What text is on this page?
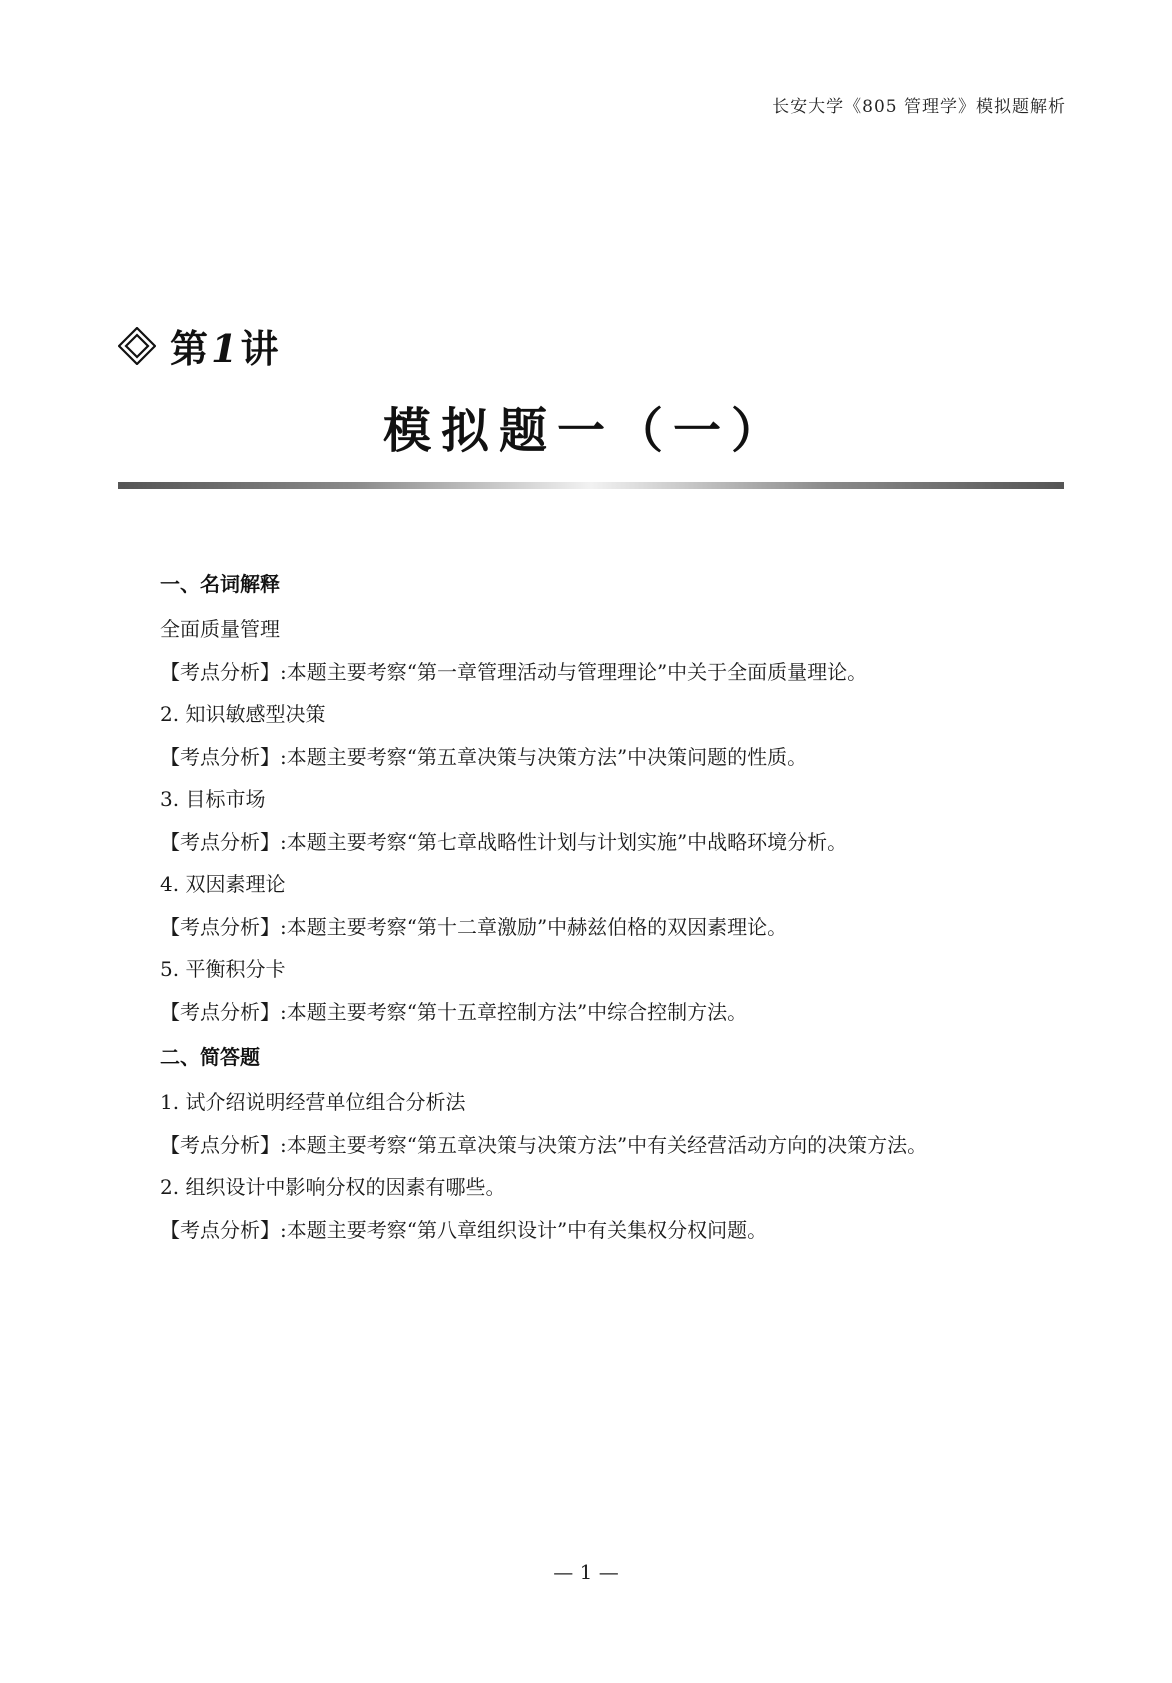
长安大学《805 管理学》模拟题解析
第1讲
模拟题一（一）
一、名词解释
全面质量管理
【考点分析】:本题主要考察“第一章管理活动与管理理论”中关于全面质量理论。
2. 知识敏感型决策
【考点分析】:本题主要考察“第五章决策与决策方法”中决策问题的性质。
3. 目标市场
【考点分析】:本题主要考察“第七章战略性计划与计划实施”中战略环境分析。
4. 双因素理论
【考点分析】:本题主要考察“第十二章激励”中赫兹伯格的双因素理论。
5. 平衡积分卡
【考点分析】:本题主要考察“第十五章控制方法”中综合控制方法。
二、简答题
1. 试介绍说明经营单位组合分析法
【考点分析】:本题主要考察“第五章决策与决策方法”中有关经营活动方向的决策方法。
2. 组织设计中影响分权的因素有哪些。
【考点分析】:本题主要考察“第八章组织设计”中有关集权分权问题。
— 1 —
